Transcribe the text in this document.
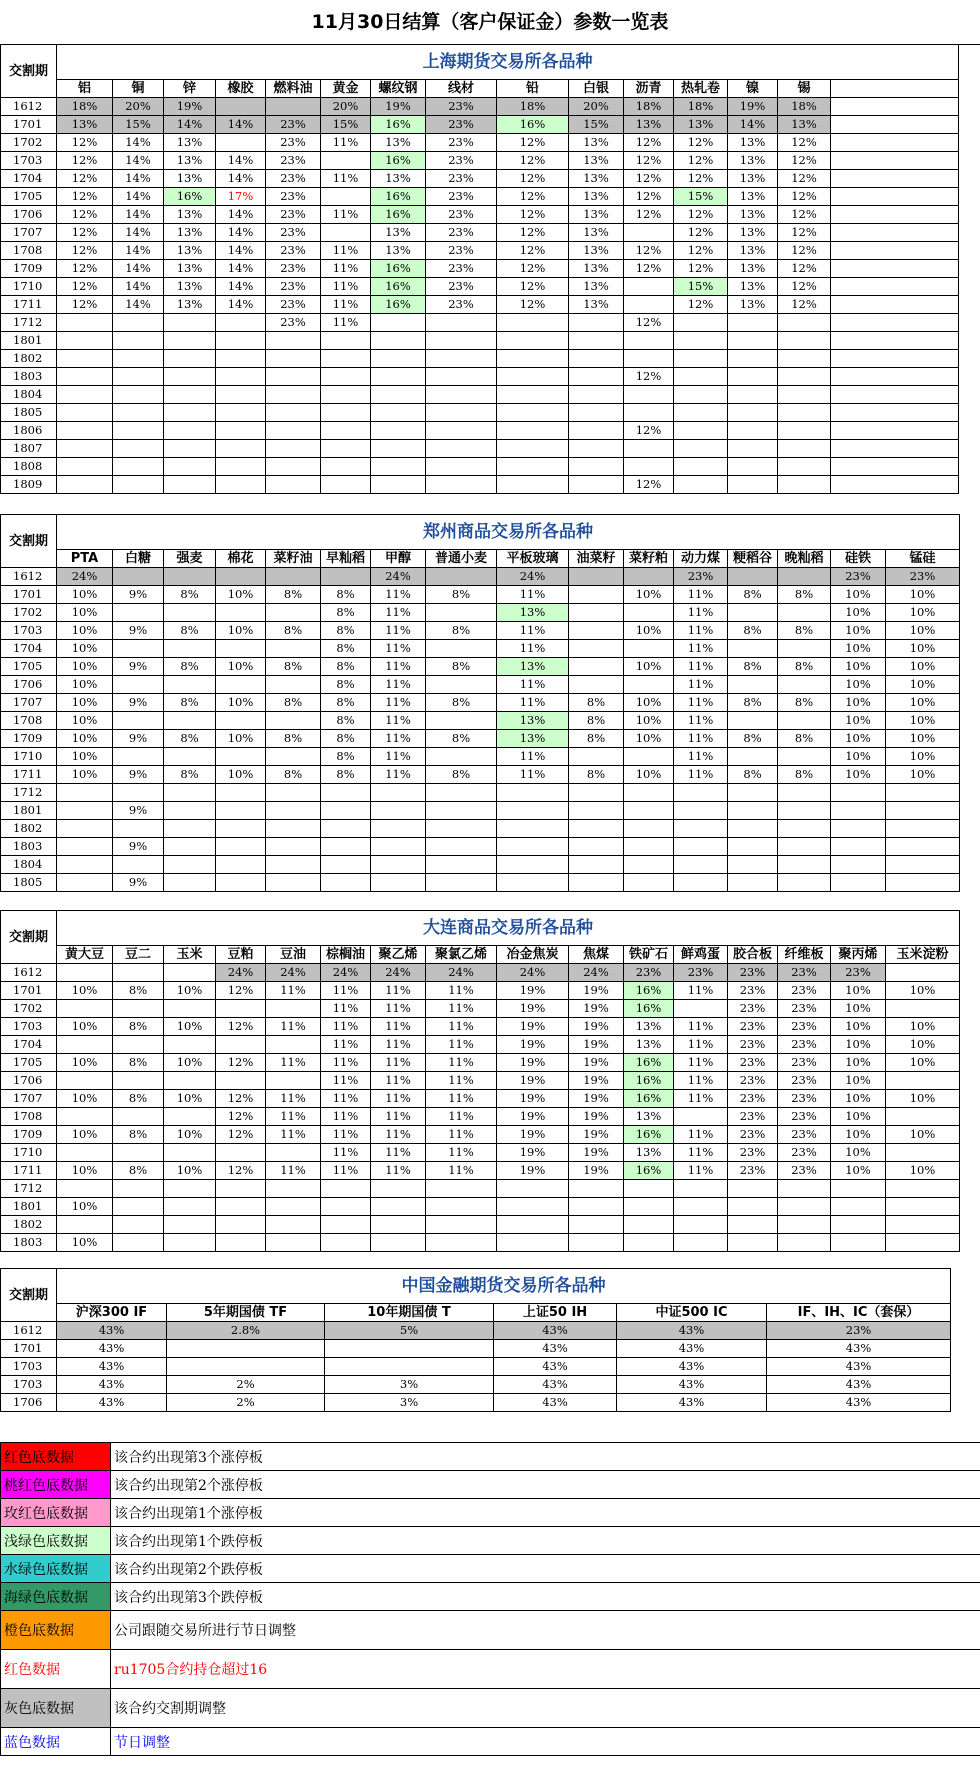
11月30日结算（客户保证金）参数一览表
交割期	上海期货交易所各品种														
	铝	铜	锌	橡胶	燃料油	黄金	螺纹钢	线材	铅	白银	沥青	热轧卷	镍	锡	
1612	18%	20%	19%			20%	19%	23%	18%	20%	18%	18%	19%	18%	
1701	13%	15%	14%	14%	23%	15%	16%	23%	16%	15%	13%	13%	14%	13%	
1702	12%	14%	13%		23%	11%	13%	23%	12%	13%	12%	12%	13%	12%	
1703	12%	14%	13%	14%	23%		16%	23%	12%	13%	12%	12%	13%	12%	
1704	12%	14%	13%	14%	23%	11%	13%	23%	12%	13%	12%	12%	13%	12%	
1705	12%	14%	16%	17%	23%		16%	23%	12%	13%	12%	15%	13%	12%	
1706	12%	14%	13%	14%	23%	11%	16%	23%	12%	13%	12%	12%	13%	12%	
1707	12%	14%	13%	14%	23%		13%	23%	12%	13%		12%	13%	12%	
1708	12%	14%	13%	14%	23%	11%	13%	23%	12%	13%	12%	12%	13%	12%	
1709	12%	14%	13%	14%	23%	11%	16%	23%	12%	13%	12%	12%	13%	12%	
1710	12%	14%	13%	14%	23%	11%	16%	23%	12%	13%		15%	13%	12%	
1711	12%	14%	13%	14%	23%	11%	16%	23%	12%	13%		12%	13%	12%	
1712					23%	11%					12%				
1801															
1802															
1803											12%				
1804															
1805															
1806											12%				
1807															
1808															
1809											12%				
交割期	郑州商品交易所各品种															
	PTA	白糖	强麦	棉花	菜籽油	早籼稻	甲醇	普通小麦	平板玻璃	油菜籽	菜籽粕	动力煤	粳稻谷	晚籼稻	硅铁	锰硅
1612	24%						24%		24%			23%			23%	23%
1701	10%	9%	8%	10%	8%	8%	11%	8%	11%		10%	11%	8%	8%	10%	10%
1702	10%					8%	11%		13%			11%			10%	10%
1703	10%	9%	8%	10%	8%	8%	11%	8%	11%		10%	11%	8%	8%	10%	10%
1704	10%					8%	11%		11%			11%			10%	10%
1705	10%	9%	8%	10%	8%	8%	11%	8%	13%		10%	11%	8%	8%	10%	10%
1706	10%					8%	11%		11%			11%			10%	10%
1707	10%	9%	8%	10%	8%	8%	11%	8%	11%	8%	10%	11%	8%	8%	10%	10%
1708	10%					8%	11%		13%	8%	10%	11%			10%	10%
1709	10%	9%	8%	10%	8%	8%	11%	8%	13%	8%	10%	11%	8%	8%	10%	10%
1710	10%					8%	11%		11%			11%			10%	10%
1711	10%	9%	8%	10%	8%	8%	11%	8%	11%	8%	10%	11%	8%	8%	10%	10%
1712																
1801		9%														
1802																
1803		9%														
1804																
1805		9%														
交割期	大连商品交易所各品种															
	黄大豆	豆二	玉米	豆粕	豆油	棕榈油	聚乙烯	聚氯乙烯	冶金焦炭	焦煤	铁矿石	鲜鸡蛋	胶合板	纤维板	聚丙烯	玉米淀粉
1612				24%	24%	24%	24%	24%	24%	24%	23%	23%	23%	23%	23%	
1701	10%	8%	10%	12%	11%	11%	11%	11%	19%	19%	16%	11%	23%	23%	10%	10%
1702						11%	11%	11%	19%	19%	16%		23%	23%	10%	
1703	10%	8%	10%	12%	11%	11%	11%	11%	19%	19%	13%	11%	23%	23%	10%	10%
1704						11%	11%	11%	19%	19%	13%	11%	23%	23%	10%	10%
1705	10%	8%	10%	12%	11%	11%	11%	11%	19%	19%	16%	11%	23%	23%	10%	10%
1706						11%	11%	11%	19%	19%	16%	11%	23%	23%	10%	
1707	10%	8%	10%	12%	11%	11%	11%	11%	19%	19%	16%	11%	23%	23%	10%	10%
1708				12%	11%	11%	11%	11%	19%	19%	13%		23%	23%	10%	
1709	10%	8%	10%	12%	11%	11%	11%	11%	19%	19%	16%	11%	23%	23%	10%	10%
1710						11%	11%	11%	19%	19%	13%	11%	23%	23%	10%	
1711	10%	8%	10%	12%	11%	11%	11%	11%	19%	19%	16%	11%	23%	23%	10%	10%
1712																
1801	10%															
1802																
1803	10%															
交割期	中国金融期货交易所各品种					
	沪深300 IF	5年期国债 TF	10年期国债 T	上证50 IH	中证500 IC	IF、IH、IC（套保）
1612	43%	2.8%	5%	43%	43%	23%
1701	43%			43%	43%	43%
1703	43%			43%	43%	43%
1703	43%	2%	3%	43%	43%	43%
1706	43%	2%	3%	43%	43%	43%
红色底数据	该合约出现第3个涨停板
桃红色底数据	该合约出现第2个涨停板
玫红色底数据	该合约出现第1个涨停板
浅绿色底数据	该合约出现第1个跌停板
水绿色底数据	该合约出现第2个跌停板
海绿色底数据	该合约出现第3个跌停板
橙色底数据	公司跟随交易所进行节日调整
红色数据	ru1705合约持仓超过16
灰色底数据	该合约交割期调整
蓝色数据	节日调整
